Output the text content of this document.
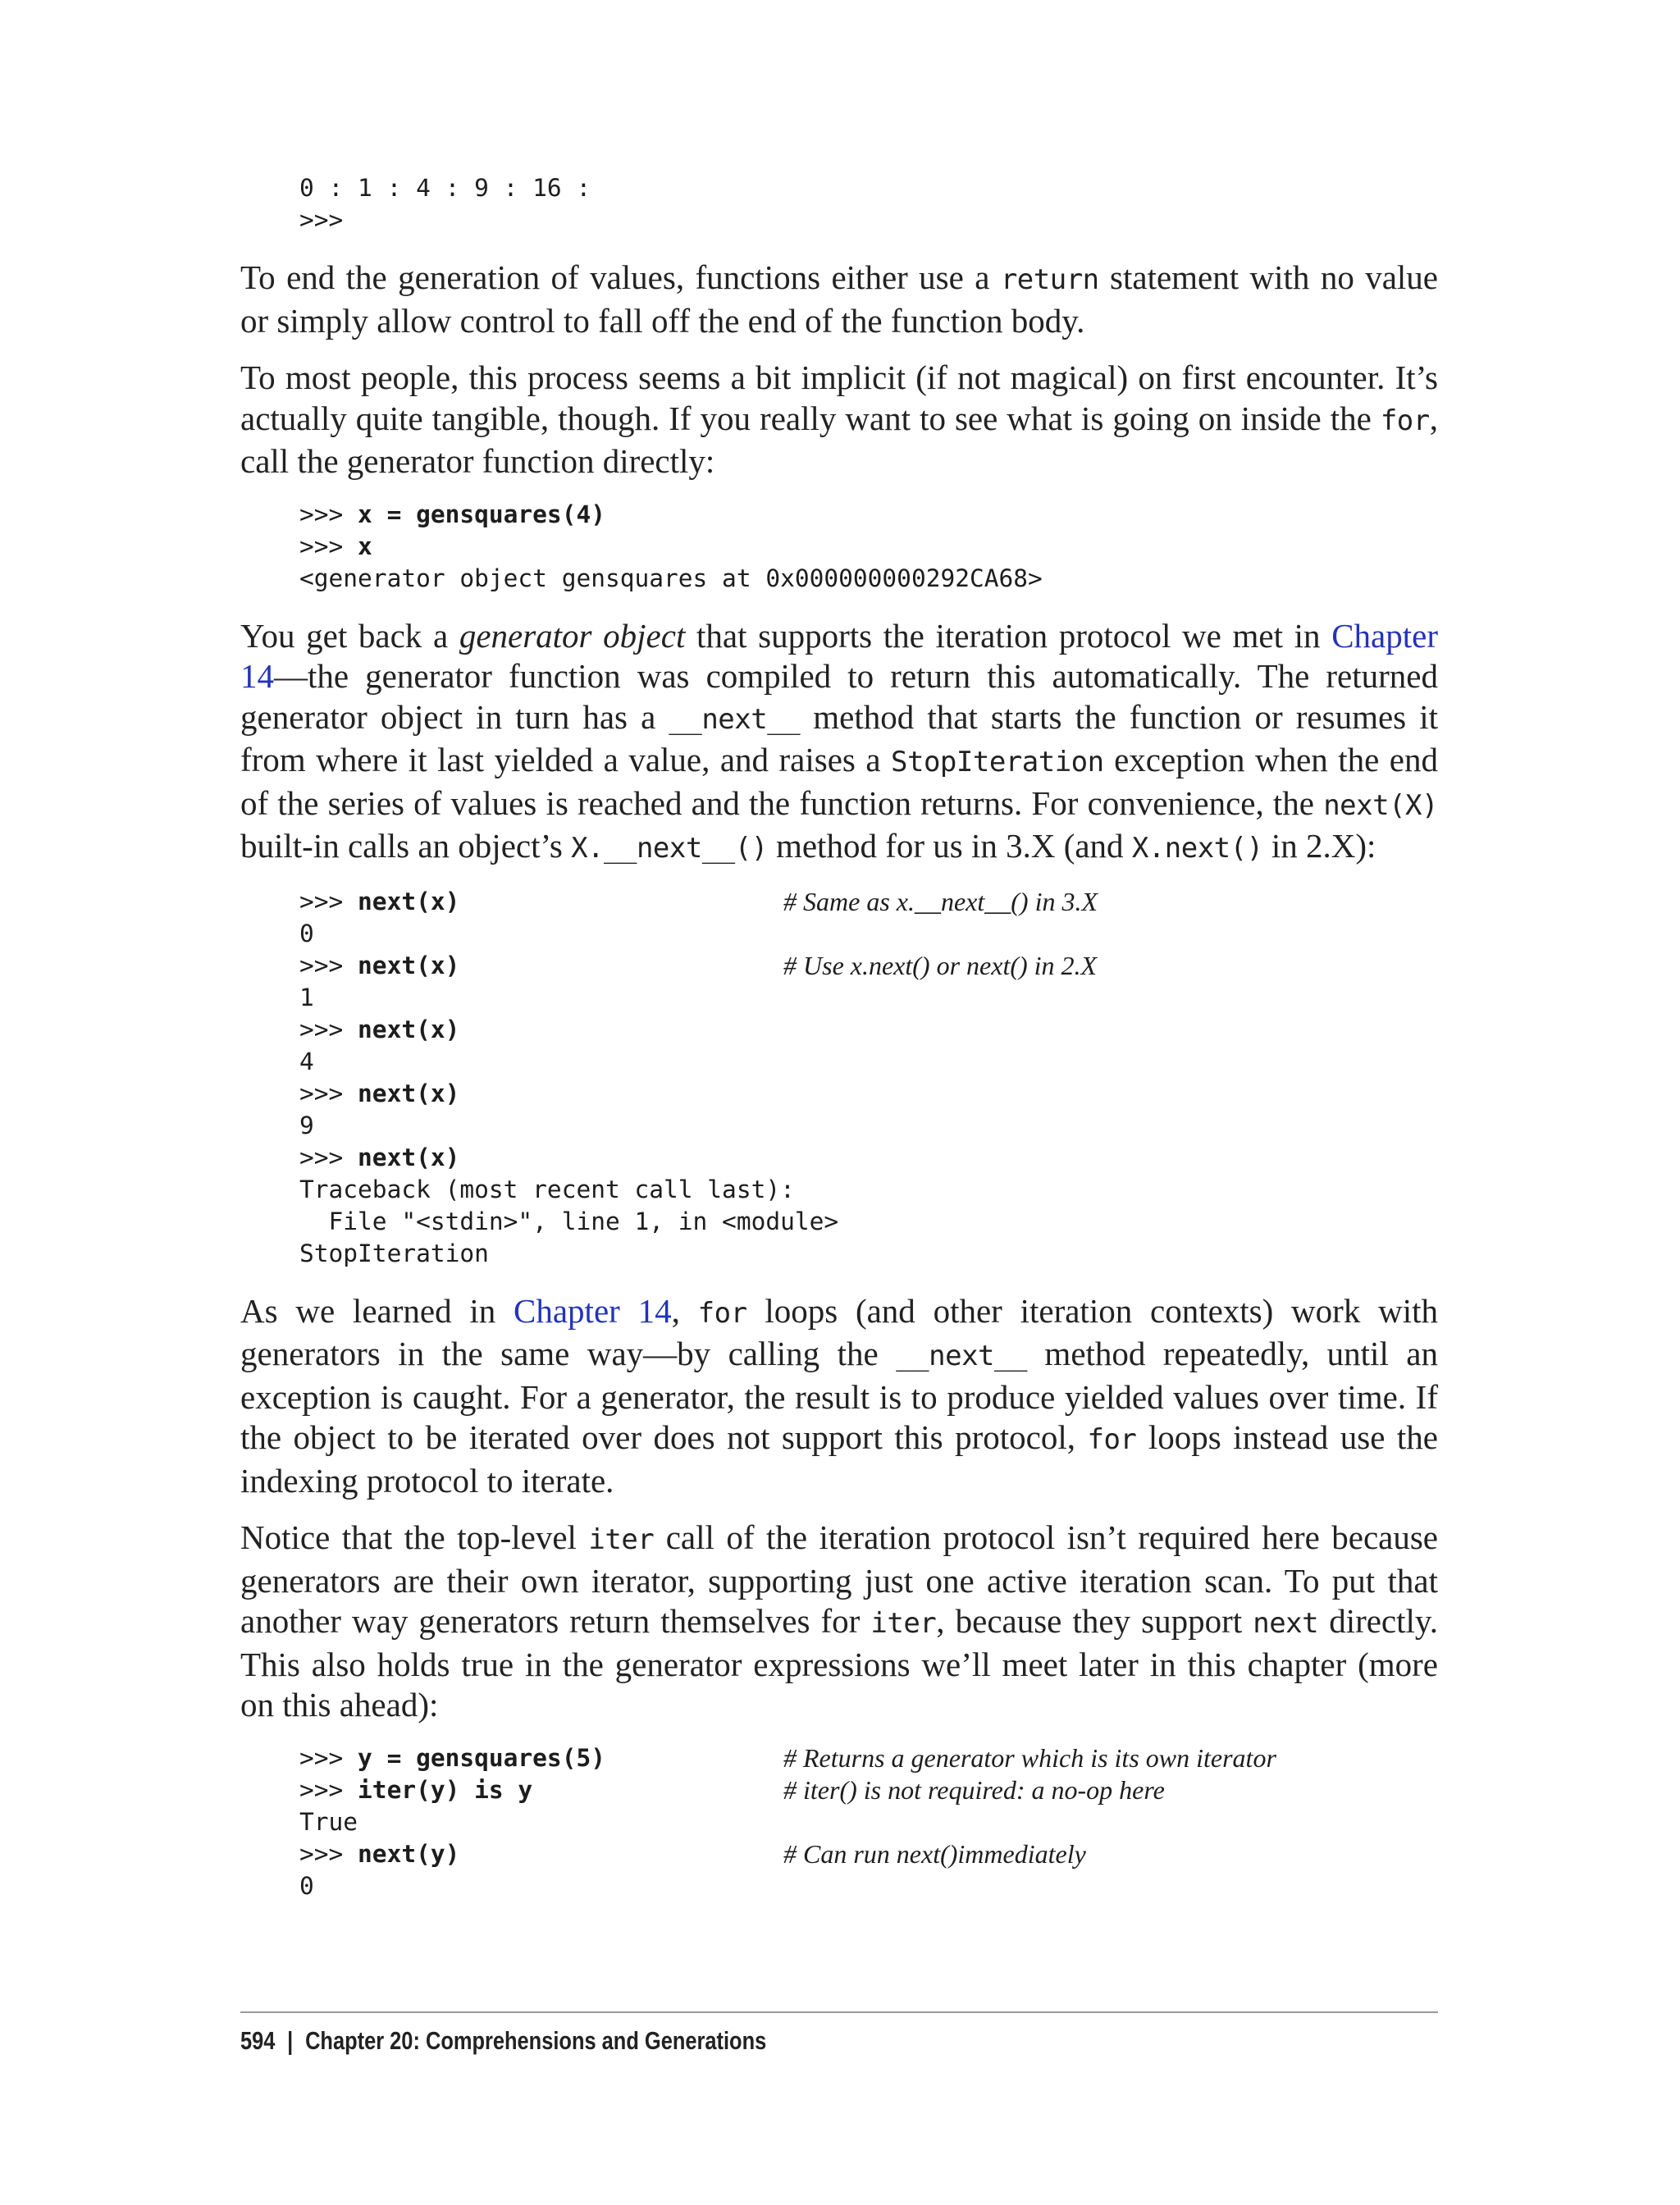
0 : 1 : 4 : 9 : 16 :
>>>

To end the generation of values, functions either use a return statement with no value or simply allow control to fall off the end of the function body.

To most people, this process seems a bit implicit (if not magical) on first encounter. It’s actually quite tangible, though. If you really want to see what is going on inside the for, call the generator function directly:

>>> x = gensquares(4)
>>> x
<generator object gensquares at 0x000000000292CA68>

You get back a generator object that supports the iteration protocol we met in Chapter 14—the generator function was compiled to return this automatically. The returned generator object in turn has a __next__ method that starts the function or resumes it from where it last yielded a value, and raises a StopIteration exception when the end of the series of values is reached and the function returns. For convenience, the next(X) built-in calls an object’s X.__next__() method for us in 3.X (and X.next() in 2.X):

>>> next(x)	# Same as x.__next__() in 3.X
0
>>> next(x)	# Use x.next() or next() in 2.X
1
>>> next(x)
4
>>> next(x)
9
>>> next(x)
Traceback (most recent call last):
File "<stdin>", line 1, in <module>
StopIteration

As we learned in Chapter 14, for loops (and other iteration contexts) work with generators in the same way—by calling the __next__ method repeatedly, until an exception is caught. For a generator, the result is to produce yielded values over time. If the object to be iterated over does not support this protocol, for loops instead use the indexing protocol to iterate.

Notice that the top-level iter call of the iteration protocol isn’t required here because generators are their own iterator, supporting just one active iteration scan. To put that another way generators return themselves for iter, because they support next directly. This also holds true in the generator expressions we’ll meet later in this chapter (more on this ahead):

>>> y = gensquares(5)	# Returns a generator which is its own iterator
>>> iter(y) is y	# iter() is not required: a no-op here
True
>>> next(y)	# Can run next()immediately
0
594 | Chapter 20: Comprehensions and Generations
